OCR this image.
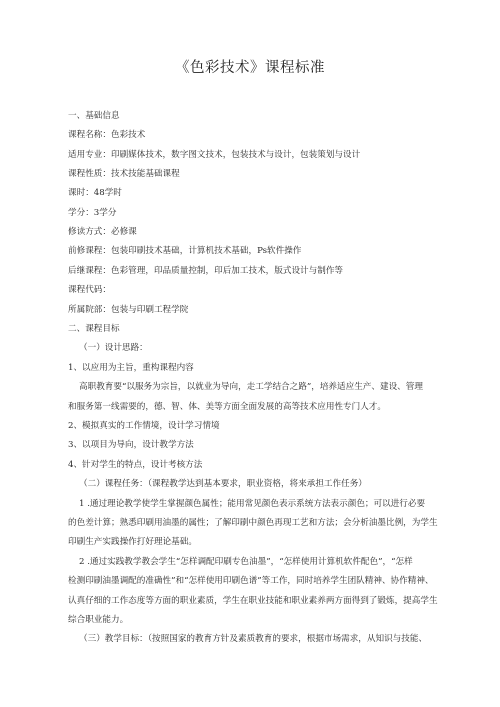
《色彩技术》课程标准
一、基础信息
课程名称：色彩技术
适用专业：印刷媒体技术，数字图文技术，包装技术与设计，包装策划与设计
课程性质：技术技能基础课程
课时：48学时
学分：3学分
修读方式：必修课
前修课程：包装印刷技术基础，计算机技术基础，Ps软件操作
后继课程：色彩管理，印品质量控制，印后加工技术，版式设计与制作等
课程代码：
所属院部：包装与印刷工程学院
二、课程目标
（一）设计思路：
1、以应用为主旨，重构课程内容
高职教育要“以服务为宗旨，以就业为导向，走工学结合之路”，培养适应生产、建设、管理
和服务第一线需要的，德、智、体、美等方面全面发展的高等技术应用性专门人才。
2、模拟真实的工作情境，设计学习情境
3、以项目为导向，设计教学方法
4、针对学生的特点，设计考核方法
（二）课程任务：（课程教学达到基本要求，职业资格，将来承担工作任务）
1 .通过理论教学使学生掌握颜色属性；能用常见颜色表示系统方法表示颜色；可以进行必要
的色差计算；熟悉印刷用油墨的属性；了解印刷中颜色再现工艺和方法；会分析油墨比例，为学生
印刷生产实践操作打好理论基础。
2 .通过实践教学教会学生“怎样调配印刷专色油墨”，“怎样使用计算机软件配色”，“怎样
检测印刷油墨调配的准确性”和“怎样使用印刷色谱”等工作，同时培养学生团队精神、协作精神、
认真仔细的工作态度等方面的职业素质，学生在职业技能和职业素养两方面得到了锻炼，提高学生
综合职业能力。
（三）教学目标：（按照国家的教育方针及素质教育的要求，根据市场需求，从知识与技能、
